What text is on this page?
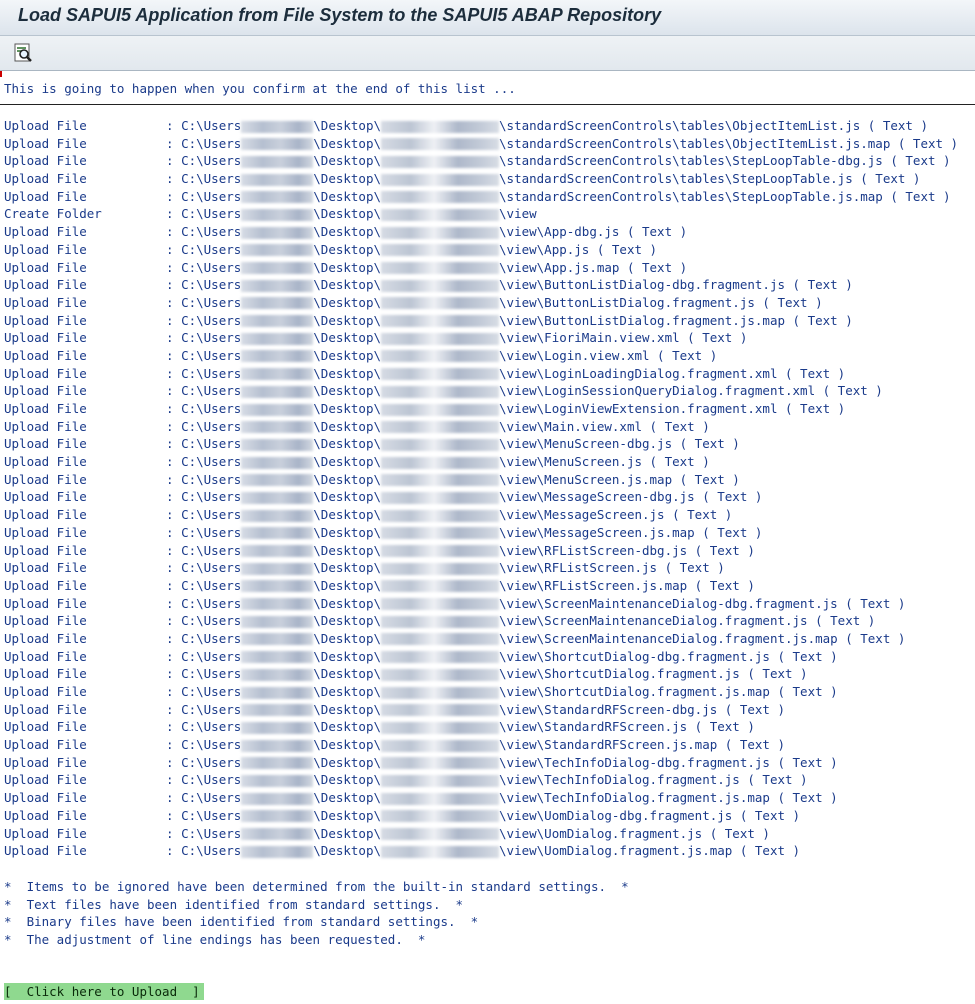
Load SAPUI5 Application from File System to the SAPUI5 ABAP Repository
This is going to happen when you confirm at the end of this list ...
Upload File	: C:\Users	\Desktop\	\standardScreenControls\tables\ObjectItemList.js ( Text )
Upload File	: C:\Users	\Desktop\	\standardScreenControls\tables\ObjectItemList.js.map ( Text )
Upload File	: C:\Users	\Desktop\	\standardScreenControls\tables\StepLoopTable-dbg.js ( Text )
Upload File	: C:\Users	\Desktop\	\standardScreenControls\tables\StepLoopTable.js ( Text )
Upload File	: C:\Users	\Desktop\	\standardScreenControls\tables\StepLoopTable.js.map ( Text )
Create Folder	: C:\Users	\Desktop\	\view
Upload File	: C:\Users	\Desktop\	\view\App-dbg.js ( Text )
Upload File	: C:\Users	\Desktop\	\view\App.js ( Text )
Upload File	: C:\Users	\Desktop\	\view\App.js.map ( Text )
Upload File	: C:\Users	\Desktop\	\view\ButtonListDialog-dbg.fragment.js ( Text )
Upload File	: C:\Users	\Desktop\	\view\ButtonListDialog.fragment.js ( Text )
Upload File	: C:\Users	\Desktop\	\view\ButtonListDialog.fragment.js.map ( Text )
Upload File	: C:\Users	\Desktop\	\view\FioriMain.view.xml ( Text )
Upload File	: C:\Users	\Desktop\	\view\Login.view.xml ( Text )
Upload File	: C:\Users	\Desktop\	\view\LoginLoadingDialog.fragment.xml ( Text )
Upload File	: C:\Users	\Desktop\	\view\LoginSessionQueryDialog.fragment.xml ( Text )
Upload File	: C:\Users	\Desktop\	\view\LoginViewExtension.fragment.xml ( Text )
Upload File	: C:\Users	\Desktop\	\view\Main.view.xml ( Text )
Upload File	: C:\Users	\Desktop\	\view\MenuScreen-dbg.js ( Text )
Upload File	: C:\Users	\Desktop\	\view\MenuScreen.js ( Text )
Upload File	: C:\Users	\Desktop\	\view\MenuScreen.js.map ( Text )
Upload File	: C:\Users	\Desktop\	\view\MessageScreen-dbg.js ( Text )
Upload File	: C:\Users	\Desktop\	\view\MessageScreen.js ( Text )
Upload File	: C:\Users	\Desktop\	\view\MessageScreen.js.map ( Text )
Upload File	: C:\Users	\Desktop\	\view\RFListScreen-dbg.js ( Text )
Upload File	: C:\Users	\Desktop\	\view\RFListScreen.js ( Text )
Upload File	: C:\Users	\Desktop\	\view\RFListScreen.js.map ( Text )
Upload File	: C:\Users	\Desktop\	\view\ScreenMaintenanceDialog-dbg.fragment.js ( Text )
Upload File	: C:\Users	\Desktop\	\view\ScreenMaintenanceDialog.fragment.js ( Text )
Upload File	: C:\Users	\Desktop\	\view\ScreenMaintenanceDialog.fragment.js.map ( Text )
Upload File	: C:\Users	\Desktop\	\view\ShortcutDialog-dbg.fragment.js ( Text )
Upload File	: C:\Users	\Desktop\	\view\ShortcutDialog.fragment.js ( Text )
Upload File	: C:\Users	\Desktop\	\view\ShortcutDialog.fragment.js.map ( Text )
Upload File	: C:\Users	\Desktop\	\view\StandardRFScreen-dbg.js ( Text )
Upload File	: C:\Users	\Desktop\	\view\StandardRFScreen.js ( Text )
Upload File	: C:\Users	\Desktop\	\view\StandardRFScreen.js.map ( Text )
Upload File	: C:\Users	\Desktop\	\view\TechInfoDialog-dbg.fragment.js ( Text )
Upload File	: C:\Users	\Desktop\	\view\TechInfoDialog.fragment.js ( Text )
Upload File	: C:\Users	\Desktop\	\view\TechInfoDialog.fragment.js.map ( Text )
Upload File	: C:\Users	\Desktop\	\view\UomDialog-dbg.fragment.js ( Text )
Upload File	: C:\Users	\Desktop\	\view\UomDialog.fragment.js ( Text )
Upload File	: C:\Users	\Desktop\	\view\UomDialog.fragment.js.map ( Text )
*  Items to be ignored have been determined from the built-in standard settings.  *
*  Text files have been identified from standard settings.  *
*  Binary files have been identified from standard settings.  *
*  The adjustment of line endings has been requested.  *
[  Click here to Upload  ]
